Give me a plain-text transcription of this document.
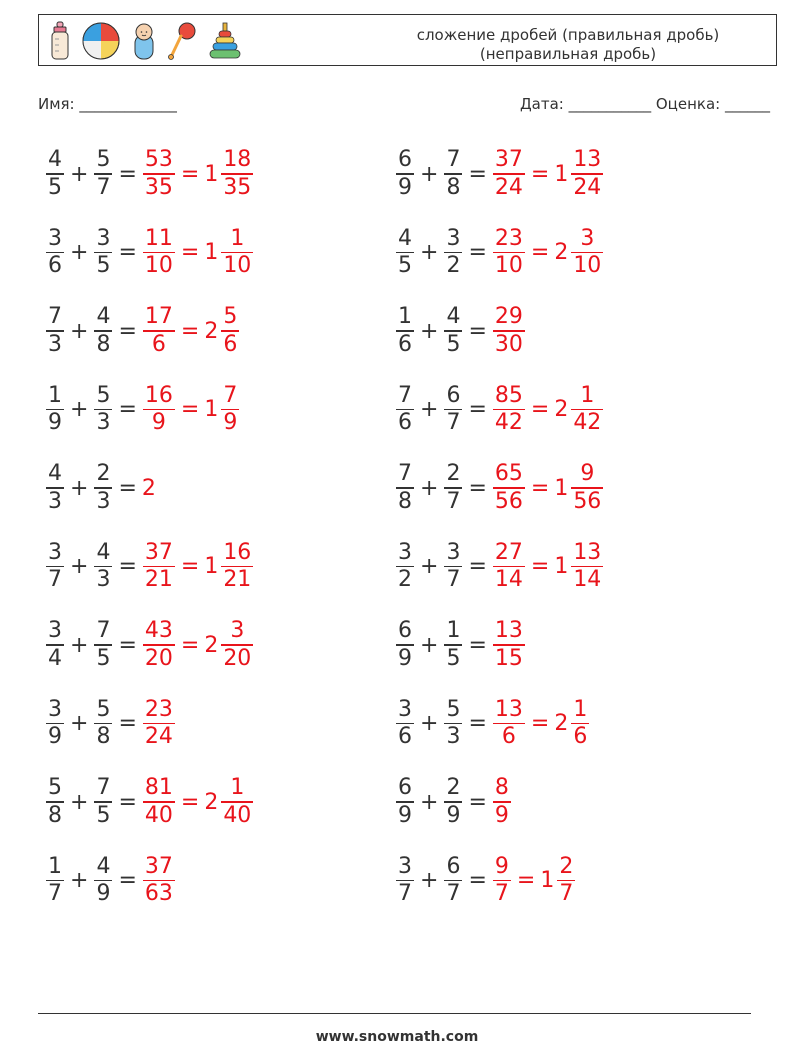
сложение дробей (правильная дробь)
(неправильная дробь)
Имя: _____________	Дата: ___________ Оценка: ______
$\frac{4}{5} + \frac{5}{7} = \frac{53}{35} = 1 \frac{18}{35}$	$\frac{6}{9} + \frac{7}{8} = \frac{37}{24} = 1 \frac{13}{24}$
$\frac{3}{6} + \frac{3}{5} = \frac{11}{10} = 1 \frac{1}{10}$	$\frac{4}{5} + \frac{3}{2} = \frac{23}{10} = 2 \frac{3}{10}$
$\frac{7}{3} + \frac{4}{8} = \frac{17}{6} = 2 \frac{5}{6}$	$\frac{1}{6} + \frac{4}{5} = \frac{29}{30}$
$\frac{1}{9} + \frac{5}{3} = \frac{16}{9} = 1 \frac{7}{9}$	$\frac{7}{6} + \frac{6}{7} = \frac{85}{42} = 2 \frac{1}{42}$
$\frac{4}{3} + \frac{2}{3} = 2$	$\frac{7}{8} + \frac{2}{7} = \frac{65}{56} = 1 \frac{9}{56}$
$\frac{3}{7} + \frac{4}{3} = \frac{37}{21} = 1 \frac{16}{21}$	$\frac{3}{2} + \frac{3}{7} = \frac{27}{14} = 1 \frac{13}{14}$
$\frac{3}{4} + \frac{7}{5} = \frac{43}{20} = 2 \frac{3}{20}$	$\frac{6}{9} + \frac{1}{5} = \frac{13}{15}$
$\frac{3}{9} + \frac{5}{8} = \frac{23}{24}$	$\frac{3}{6} + \frac{5}{3} = \frac{13}{6} = 2 \frac{1}{6}$
$\frac{5}{8} + \frac{7}{5} = \frac{81}{40} = 2 \frac{1}{40}$	$\frac{6}{9} + \frac{2}{9} = \frac{8}{9}$
$\frac{1}{7} + \frac{4}{9} = \frac{37}{63}$	$\frac{3}{7} + \frac{6}{7} = \frac{9}{7} = 1 \frac{2}{7}$
www.snowmath.com
